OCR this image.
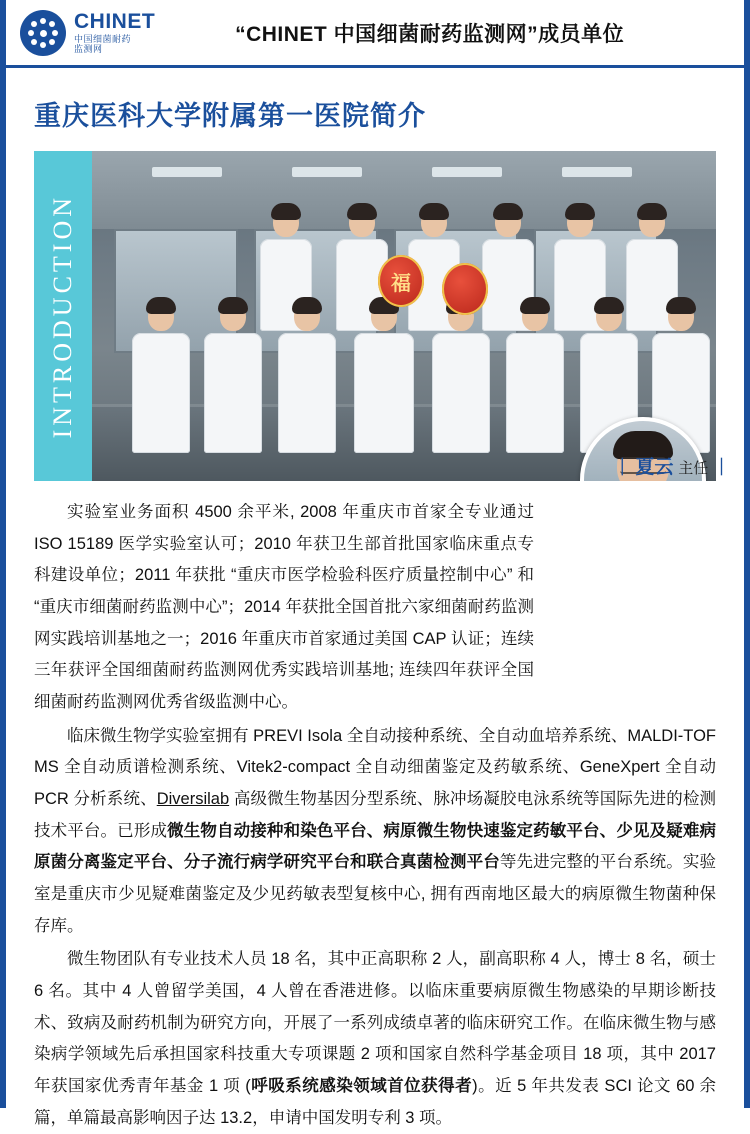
CHINET
中国细菌耐药
监测网
“CHINET 中国细菌耐药监测网”成员单位
重庆医科大学附属第一医院简介
INTRODUCTION	福
｜ 夏云 主任 ｜

实验室业务面积 4500 余平米, 2008 年重庆市首家全专业通过 ISO 15189 医学实验室认可；2010 年获卫生部首批国家临床重点专科建设单位；2011 年获批 “重庆市医学检验科医疗质量控制中心” 和 “重庆市细菌耐药监测中心”；2014 年获批全国首批六家细菌耐药监测网实践培训基地之一；2016 年重庆市首家通过美国 CAP 认证；连续三年获评全国细菌耐药监测网优秀实践培训基地; 连续四年获评全国细菌耐药监测网优秀省级监测中心。

临床微生物学实验室拥有 PREVI Isola 全自动接种系统、全自动血培养系统、MALDI-TOF MS 全自动质谱检测系统、Vitek2-compact 全自动细菌鉴定及药敏系统、GeneXpert 全自动 PCR 分析系统、Diversilab 高级微生物基因分型系统、脉冲场凝胶电泳系统等国际先进的检测技术平台。已形成微生物自动接种和染色平台、病原微生物快速鉴定药敏平台、少见及疑难病原菌分离鉴定平台、分子流行病学研究平台和联合真菌检测平台等先进完整的平台系统。实验室是重庆市少见疑难菌鉴定及少见药敏表型复核中心, 拥有西南地区最大的病原微生物菌种保存库。

微生物团队有专业技术人员 18 名，其中正高职称 2 人，副高职称 4 人，博士 8 名，硕士 6 名。其中 4 人曾留学美国，4 人曾在香港进修。以临床重要病原微生物感染的早期诊断技术、致病及耐药机制为研究方向，开展了一系列成绩卓著的临床研究工作。在临床微生物与感染病学领域先后承担国家科技重大专项课题 2 项和国家自然科学基金项目 18 项，其中 2017 年获国家优秀青年基金 1 项 (呼吸系统感染领域首位获得者)。近 5 年共发表 SCI 论文 60 余篇，单篇最高影响因子达 13.2，申请中国发明专利 3 项。
